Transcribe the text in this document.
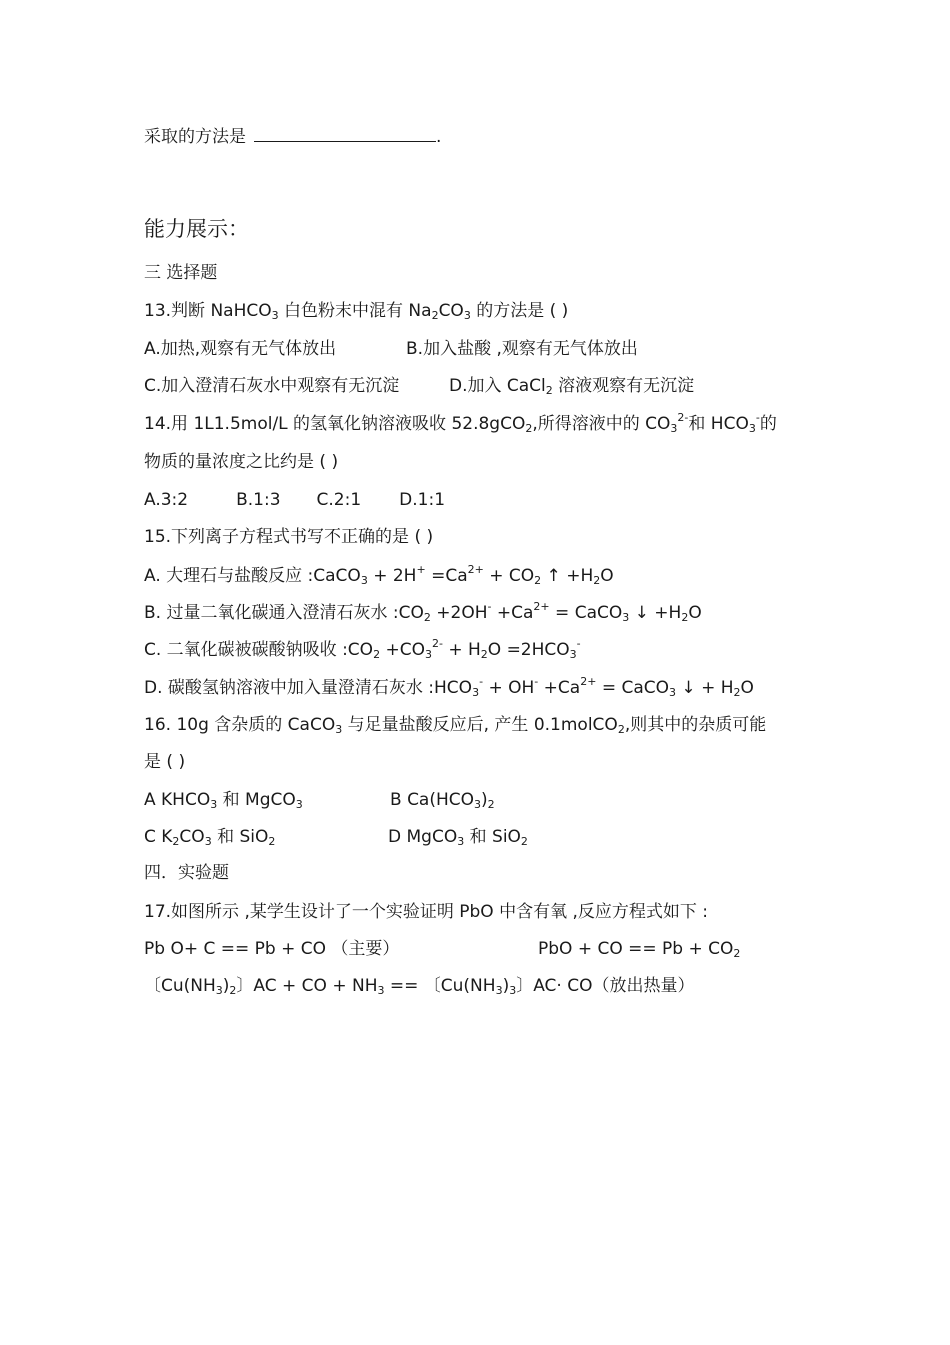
采取的方法是	.
能力展示：
三 选择题
13.判断 NaHCO$_3$ 白色粉末中混有 $Na_2CO_3$ 的方法是 ( )
A.加热,观察有无气体放出	B.加入盐酸 ,观察有无气体放出
C.加入澄清石灰水中观察有无沉淀	D.加入 CaCl$_2$ 溶液观察有无沉淀
14.用 1L1.5mol/L 的氢氧化钠溶液吸收 52.8gCO$_2$,所得溶液中的 $CO_3^{2-}$和 $HCO_3^-$的
物质的量浓度之比约是 ( )
A.3:2	B.1:3 C.2:1 D.1:1
15.下列离子方程式书写不正确的是 ( )
A. 大理石与盐酸反应 :CaCO$_3$ + $2H^+ =Ca^{2+} + CO_2$ ↑ $+H_2O$
B. 过量二氧化碳通入澄清石灰水 $:CO_2 +2OH^- +Ca^{2+}$ = CaCO$_3$ ↓ $+H_2O$
C. 二氧化碳被碳酸钠吸收 $:CO_2 +CO_3^{2-} + H_2O =2HCO_3^-$
D. 碳酸氢钠溶液中加入量澄清石灰水 $:HCO_3^- + OH^- +Ca^{2+}$ = CaCO$_3$ ↓ + $H_2O$
16. 10g 含杂质的 CaCO$_3$ 与足量盐酸反应后, 产生 0.1molCO$_2$,则其中的杂质可能
是 ( )
A $KHCO_3$ 和 MgCO$_3$	B $Ca(HCO_3)_2$
C $K_2CO_3$ 和 SiO$_2$	D MgCO$_3$ 和 SiO$_2$
四．实验题
17.如图所示 ,某学生设计了一个实验证明 PbO 中含有氧 ,反应方程式如下 :
Pb O+ C == Pb + CO （主要）	PbO + CO == $Pb + CO_2$
〔$Cu(NH_3)_2$〕AC + CO + $NH_3$ == 〔$Cu(NH_3)_3$〕AC· CO（放出热量）
